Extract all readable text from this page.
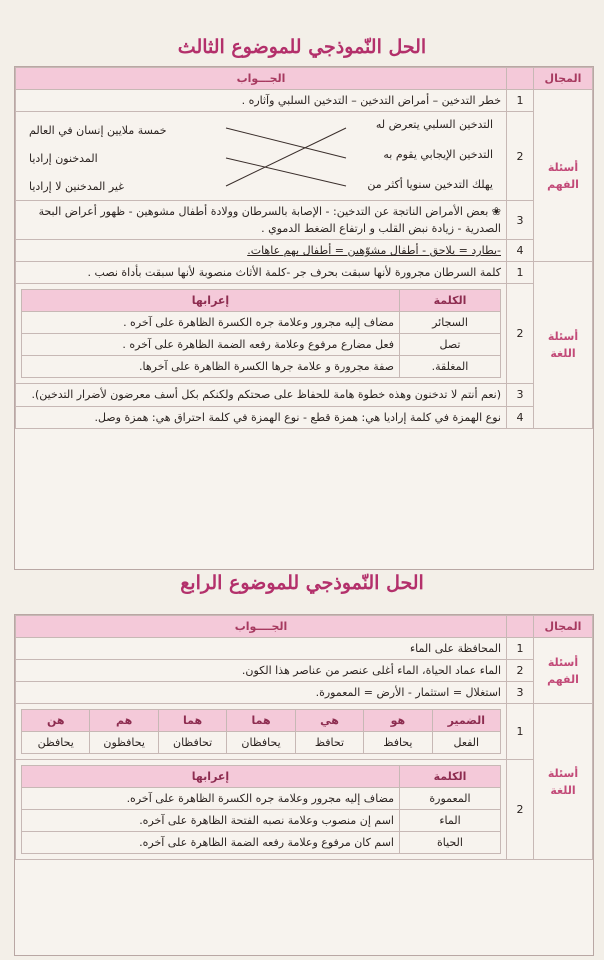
الحل النّموذجي للموضوع الثالث
المجال		الجـــواب
أسئلة الفهم	1	خطر التدخين – أمراض التدخين – التدخين السلبي وآثاره .
2	
التدخين السلبي يتعرض له
التدخين الإيجابي يقوم به
يهلك التدخين سنويا أكثر من
خمسة ملايين إنسان في العالم
المدخنون إراديا
غير المدخنين لا إراديا

3	❀ بعض الأمراض الناتجة عن التدخين: - الإصابة بالسرطان وولادة أطفال مشوهين - ظهور أعراض البحة الصدرية - زيادة نبض القلب و ارتفاع الضغط الدموي .
4	-يطارد = يلاحق - أطفال مشوّهين = أطفال بهم عاهات.
أسئلة اللغة	1	كلمة السرطان مجرورة لأنها سبقت بحرف جر -كلمة الأثاث منصوبة لأنها سبقت بأداة نصب .
2	
الكلمة	إعرابها
السجائر	مضاف إليه مجرور وعلامة جره الكسرة الظاهرة على آخره .
تصل	فعل مضارع مرفوع وعلامة رفعه الضمة الظاهرة على آخره .
المغلقة.	صفة مجرورة و علامة جرها الكسرة الظاهرة على آخرها.

3	(نعم أنتم لا تدخنون وهذه خطوة هامة للحفاظ على صحتكم ولكنكم بكل أسف معرضون لأضرار التدخين).
4	نوع الهمزة في كلمة إراديا هي: همزة قطع - نوع الهمزة في كلمة احتراق هي: همزة وصل.
الحل النّموذجي للموضوع الرابع
المجال		الجــــواب
أسئلة الفهم	1	المحافظة على الماء
2	الماء عماد الحياة، الماء أغلى عنصر من عناصر هذا الكون.
3	استغلال = استثمار - الأرض = المعمورة.
أسئلة اللغة	1	
الضمير	هو	هي	هما	هما	هم	هن
الفعل	يحافظ	تحافظ	يحافظان	تحافظان	يحافظون	يحافظن

2	
الكلمة	إعرابها
المعمورة	مضاف إليه مجرور وعلامة جره الكسرة الظاهرة على آخره.
الماء	اسم إن منصوب وعلامة نصبه الفتحة الظاهرة على آخره.
الحياة	اسم كان مرفوع وعلامة رفعه الضمة الظاهرة على آخره.
